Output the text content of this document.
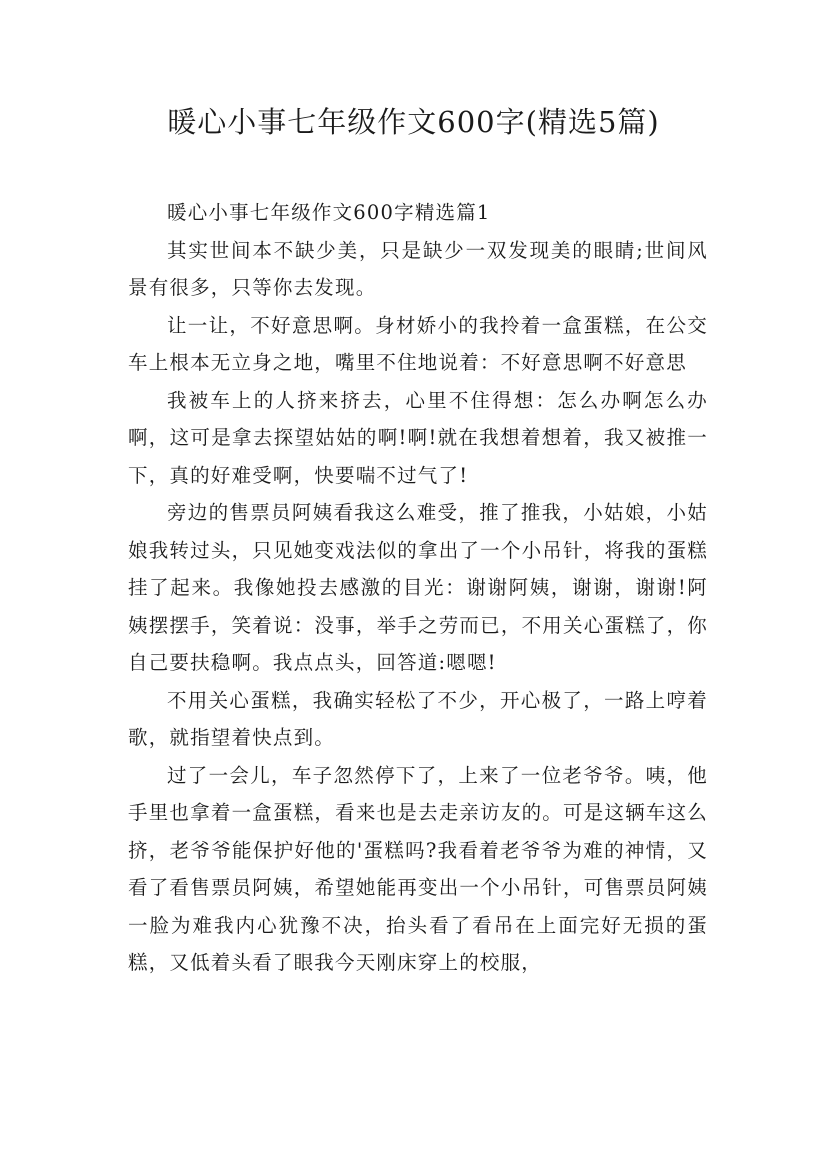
暖心小事七年级作文600字(精选5篇)

暖心小事七年级作文600字精选篇1

其实世间本不缺少美，只是缺少一双发现美的眼睛;世间风景有很多，只等你去发现。

让一让，不好意思啊。身材娇小的我拎着一盒蛋糕，在公交车上根本无立身之地，嘴里不住地说着：不好意思啊不好意思

我被车上的人挤来挤去，心里不住得想：怎么办啊怎么办啊，这可是拿去探望姑姑的啊!啊!就在我想着想着，我又被推一下，真的好难受啊，快要喘不过气了!

旁边的售票员阿姨看我这么难受，推了推我，小姑娘，小姑娘我转过头，只见她变戏法似的拿出了一个小吊针，将我的蛋糕挂了起来。我像她投去感激的目光：谢谢阿姨，谢谢，谢谢!阿姨摆摆手，笑着说：没事，举手之劳而已，不用关心蛋糕了，你自己要扶稳啊。我点点头，回答道:嗯嗯!

不用关心蛋糕，我确实轻松了不少，开心极了，一路上哼着歌，就指望着快点到。

过了一会儿，车子忽然停下了，上来了一位老爷爷。咦，他手里也拿着一盒蛋糕，看来也是去走亲访友的。可是这辆车这么挤，老爷爷能保护好他的'蛋糕吗?我看着老爷爷为难的神情，又看了看售票员阿姨，希望她能再变出一个小吊针，可售票员阿姨一脸为难我内心犹豫不决，抬头看了看吊在上面完好无损的蛋糕，又低着头看了眼我今天刚床穿上的校服，
